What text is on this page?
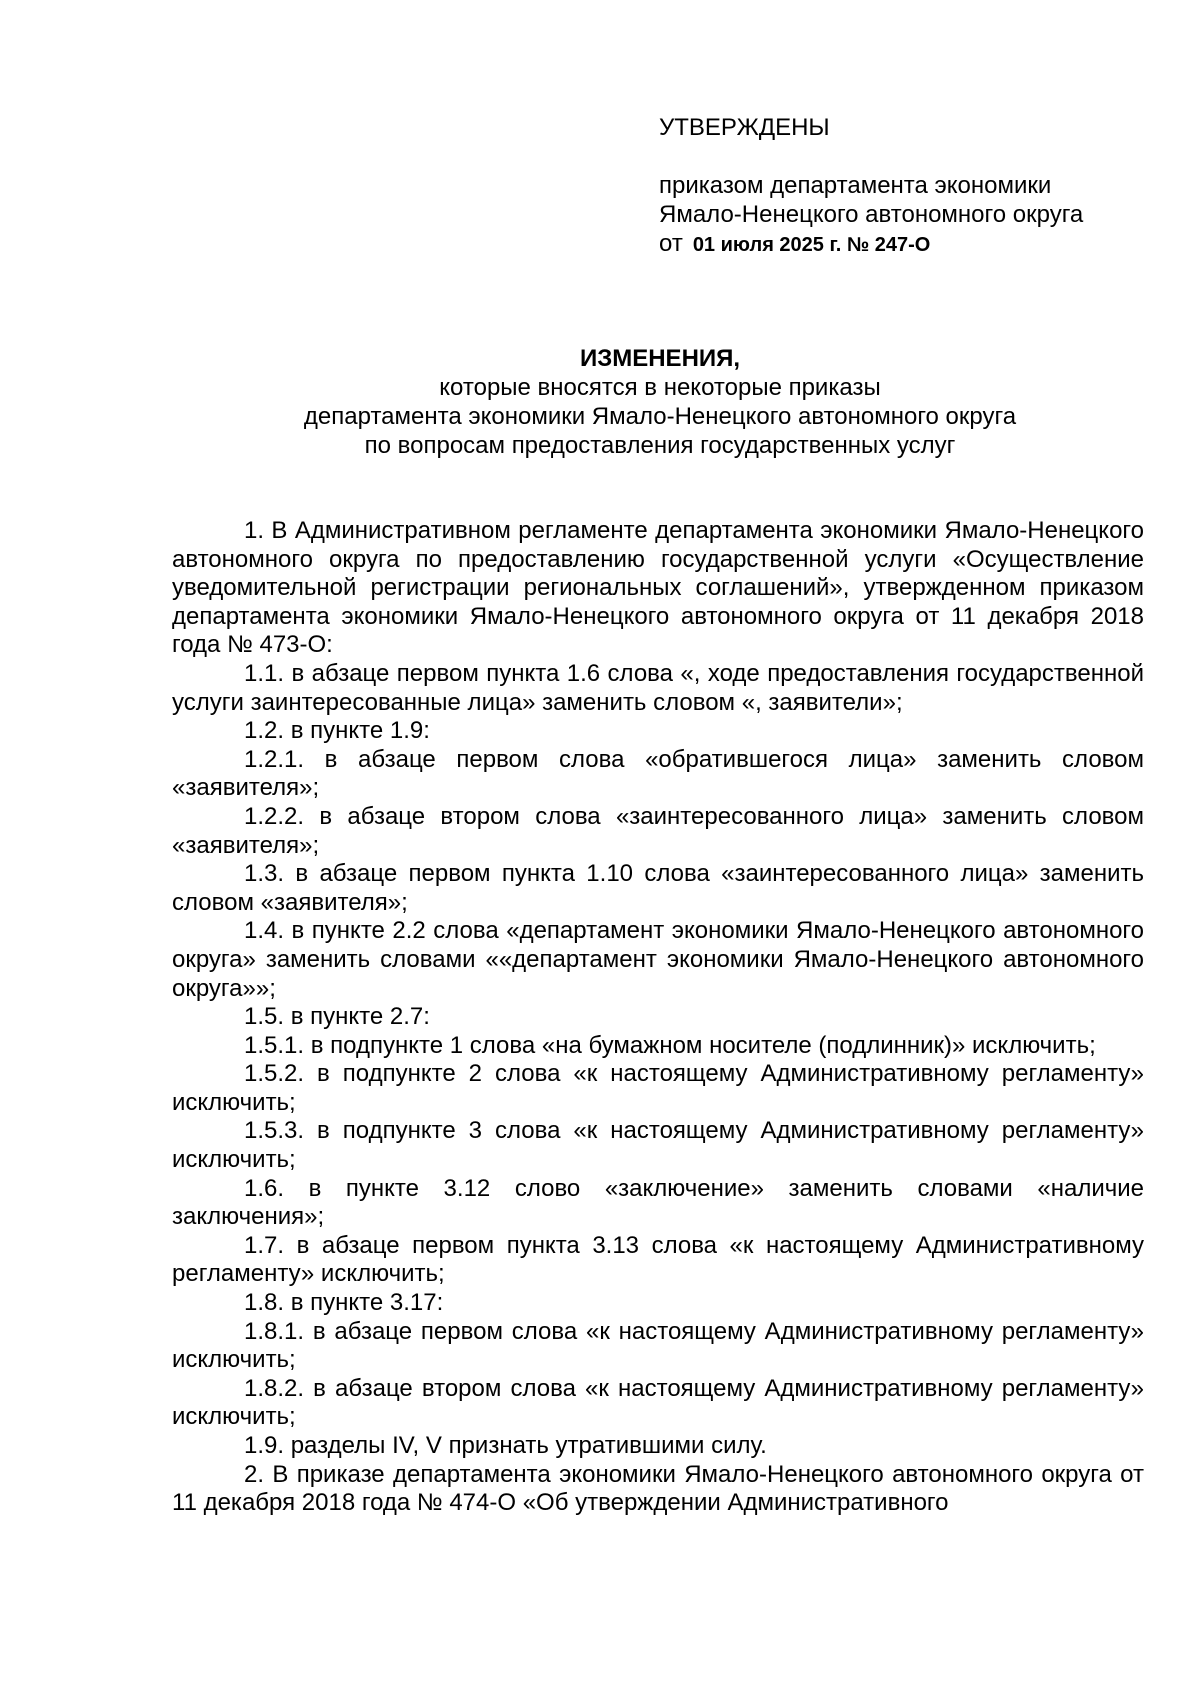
УТВЕРЖДЕНЫ
приказом департамента экономики
Ямало-Ненецкого автономного округа
от 01 июля 2025 г. № 247-О
ИЗМЕНЕНИЯ,
которые вносятся в некоторые приказы
департамента экономики Ямало-Ненецкого автономного округа
по вопросам предоставления государственных услуг

1. В Административном регламенте департамента экономики Ямало-Ненецкого автономного округа по предоставлению государственной услуги «Осуществление уведомительной регистрации региональных соглашений», утвержденном приказом департамента экономики Ямало-Ненецкого автономного округа от 11 декабря 2018 года № 473-О:

1.1. в абзаце первом пункта 1.6 слова «, ходе предоставления государственной услуги заинтересованные лица» заменить словом «, заявители»;

1.2. в пункте 1.9:

1.2.1. в абзаце первом слова «обратившегося лица» заменить словом «заявителя»;

1.2.2. в абзаце втором слова «заинтересованного лица» заменить словом «заявителя»;

1.3. в абзаце первом пункта 1.10 слова «заинтересованного лица» заменить словом «заявителя»;

1.4. в пункте 2.2 слова «департамент экономики Ямало-Ненецкого автономного округа» заменить словами ««департамент экономики Ямало-Ненецкого автономного округа»»;

1.5. в пункте 2.7:

1.5.1. в подпункте 1 слова «на бумажном носителе (подлинник)» исключить;

1.5.2. в подпункте 2 слова «к настоящему Административному регламенту» исключить;

1.5.3. в подпункте 3 слова «к настоящему Административному регламенту» исключить;

1.6. в пункте 3.12 слово «заключение» заменить словами «наличие заключения»;

1.7. в абзаце первом пункта 3.13 слова «к настоящему Административному регламенту» исключить;

1.8. в пункте 3.17:

1.8.1. в абзаце первом слова «к настоящему Административному регламенту» исключить;

1.8.2. в абзаце втором слова «к настоящему Административному регламенту» исключить;

1.9. разделы IV, V признать утратившими силу.

2. В приказе департамента экономики Ямало-Ненецкого автономного округа от 11 декабря 2018 года № 474-О «Об утверждении Административного
